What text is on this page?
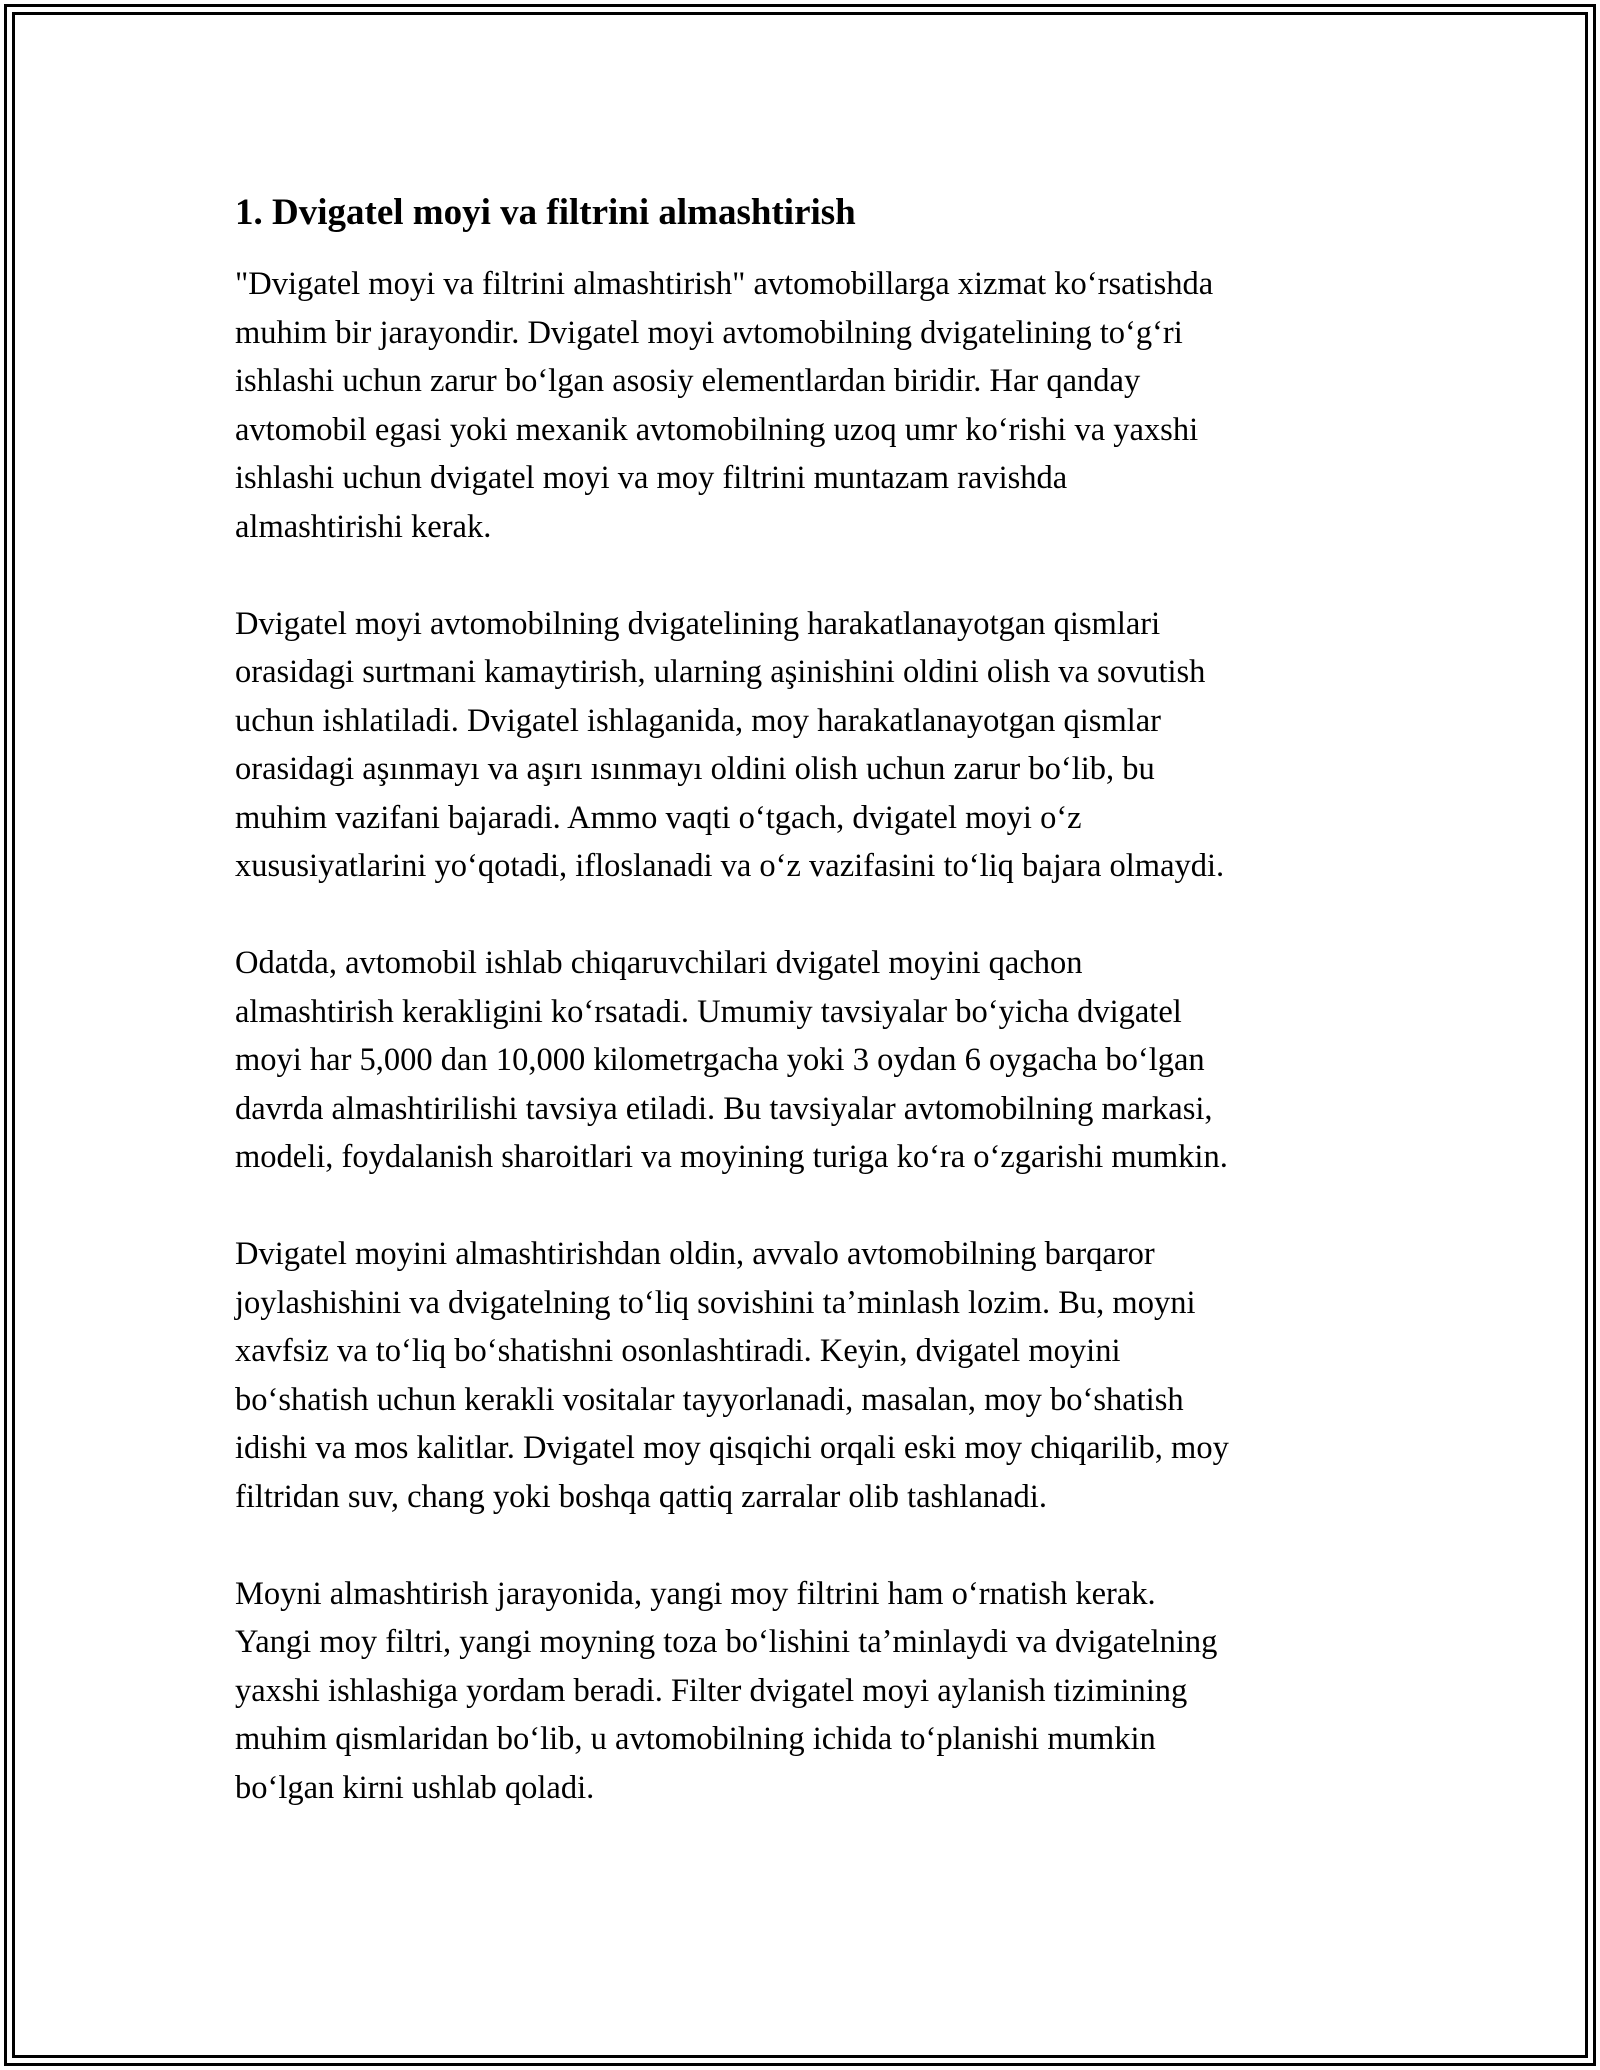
1. Dvigatel moyi va filtrini almashtirish

"Dvigatel moyi va filtrini almashtirish" avtomobillarga xizmat koʻrsatishda
muhim bir jarayondir. Dvigatel moyi avtomobilning dvigatelining toʻgʻri
ishlashi uchun zarur boʻlgan asosiy elementlardan biridir. Har qanday
avtomobil egasi yoki mexanik avtomobilning uzoq umr koʻrishi va yaxshi
ishlashi uchun dvigatel moyi va moy filtrini muntazam ravishda
almashtirishi kerak.

Dvigatel moyi avtomobilning dvigatelining harakatlanayotgan qismlari
orasidagi surtmani kamaytirish, ularning aşinishini oldini olish va sovutish
uchun ishlatiladi. Dvigatel ishlaganida, moy harakatlanayotgan qismlar
orasidagi aşınmayı va aşırı ısınmayı oldini olish uchun zarur boʻlib, bu
muhim vazifani bajaradi. Ammo vaqti oʻtgach, dvigatel moyi oʻz
xususiyatlarini yoʻqotadi, ifloslanadi va oʻz vazifasini toʻliq bajara olmaydi.

Odatda, avtomobil ishlab chiqaruvchilari dvigatel moyini qachon
almashtirish kerakligini koʻrsatadi. Umumiy tavsiyalar boʻyicha dvigatel
moyi har 5,000 dan 10,000 kilometrgacha yoki 3 oydan 6 oygacha boʻlgan
davrda almashtirilishi tavsiya etiladi. Bu tavsiyalar avtomobilning markasi,
modeli, foydalanish sharoitlari va moyining turiga koʻra oʻzgarishi mumkin.

Dvigatel moyini almashtirishdan oldin, avvalo avtomobilning barqaror
joylashishini va dvigatelning toʻliq sovishini taʼminlash lozim. Bu, moyni
xavfsiz va toʻliq boʻshatishni osonlashtiradi. Keyin, dvigatel moyini
boʻshatish uchun kerakli vositalar tayyorlanadi, masalan, moy boʻshatish
idishi va mos kalitlar. Dvigatel moy qisqichi orqali eski moy chiqarilib, moy
filtridan suv, chang yoki boshqa qattiq zarralar olib tashlanadi.

Moyni almashtirish jarayonida, yangi moy filtrini ham oʻrnatish kerak.
Yangi moy filtri, yangi moyning toza boʻlishini taʼminlaydi va dvigatelning
yaxshi ishlashiga yordam beradi. Filter dvigatel moyi aylanish tizimining
muhim qismlaridan boʻlib, u avtomobilning ichida toʻplanishi mumkin
boʻlgan kirni ushlab qoladi.
